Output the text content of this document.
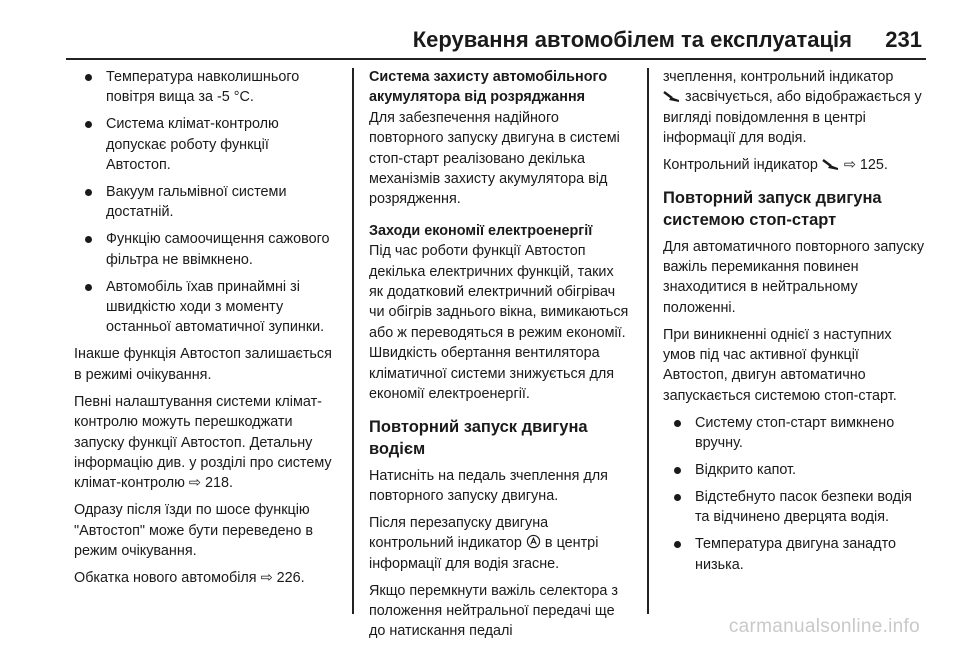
Керування автомобілем та експлуатація 231
Температура навколишнього повітря вища за -5 °C.
Система клімат-контролю допускає роботу функції Автостоп.
Вакуум гальмівної системи достатній.
Функцію самоочищення сажового фільтра не ввімкнено.
Автомобіль їхав принаймні зі швидкістю ходи з моменту останньої автоматичної зупинки.

Інакше функція Автостоп залишається в режимі очікування.

Певні налаштування системи клімат-контролю можуть перешкоджати запуску функції Автостоп. Детальну інформацію див. у розділі про систему клімат-контролю ⇨ 218.

Одразу після їзди по шосе функцію "Автостоп" може бути переведено в режим очікування.

Обкатка нового автомобіля ⇨ 226.

Система захисту автомобільного акумулятора від розряджання

Для забезпечення надійного повторного запуску двигуна в системі стоп-старт реалізовано декілька механізмів захисту акумулятора від розрядження.

Заходи економії електроенергії

Під час роботи функції Автостоп декілька електричних функцій, таких як додатковий електричний обігрівач чи обігрів заднього вікна, вимикаються або ж переводяться в режим економії. Швидкість обертання вентилятора кліматичної системи знижується для економії електроенергії.

Повторний запуск двигуна водієм

Натисніть на педаль зчеплення для повторного запуску двигуна.

Після перезапуску двигуна контрольний індикатор в центрі інформації для водія згасне.

Якщо перемкнути важіль селектора з положення нейтральної передачі ще до натискання педалі

зчеплення, контрольний індикатор
засвічується, або відображається у вигляді повідомлення в центрі інформації для водія.

Контрольний індикатор ⇨ 125.

Повторний запуск двигуна системою стоп-старт

Для автоматичного повторного запуску важіль перемикання повинен знаходитися в нейтральному положенні.

При виникненні однієї з наступних умов під час активної функції Автостоп, двигун автоматично запускається системою стоп-старт.

Систему стоп-старт вимкнено вручну.
Відкрито капот.
Відстебнуто пасок безпеки водія та відчинено дверцята водія.
Температура двигуна занадто низька.
carmanualsonline.info
